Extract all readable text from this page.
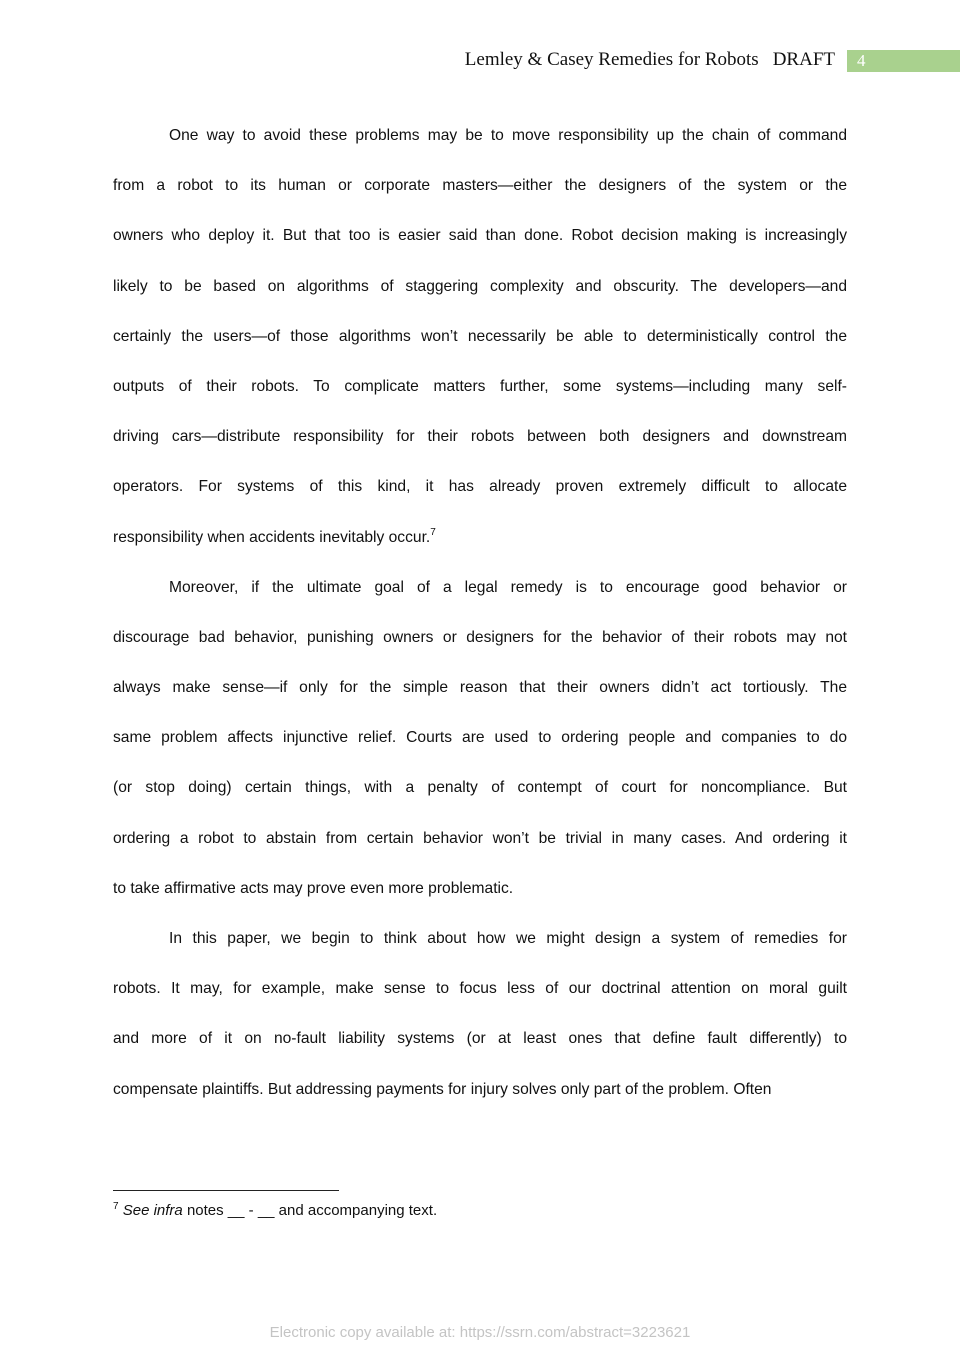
Lemley & Casey Remedies for Robots DRAFT	4
One way to avoid these problems may be to move responsibility up the chain of command
from a robot to its human or corporate masters—either the designers of the system or the
owners who deploy it. But that too is easier said than done. Robot decision making is increasingly
likely to be based on algorithms of staggering complexity and obscurity. The developers—and
certainly the users—of those algorithms won’t necessarily be able to deterministically control the
outputs of their robots. To complicate matters further, some systems—including many self-
driving cars—distribute responsibility for their robots between both designers and downstream
operators. For systems of this kind, it has already proven extremely difficult to allocate
responsibility when accidents inevitably occur.$^7$
Moreover, if the ultimate goal of a legal remedy is to encourage good behavior or
discourage bad behavior, punishing owners or designers for the behavior of their robots may not
always make sense—if only for the simple reason that their owners didn’t act tortiously. The
same problem affects injunctive relief. Courts are used to ordering people and companies to do
(or stop doing) certain things, with a penalty of contempt of court for noncompliance. But
ordering a robot to abstain from certain behavior won’t be trivial in many cases. And ordering it
to take affirmative acts may prove even more problematic.
In this paper, we begin to think about how we might design a system of remedies for
robots. It may, for example, make sense to focus less of our doctrinal attention on moral guilt
and more of it on no-fault liability systems (or at least ones that define fault differently) to
compensate plaintiffs. But addressing payments for injury solves only part of the problem. Often
$^7$ See infra notes __ - __ and accompanying text.
Electronic copy available at: https://ssrn.com/abstract=3223621
